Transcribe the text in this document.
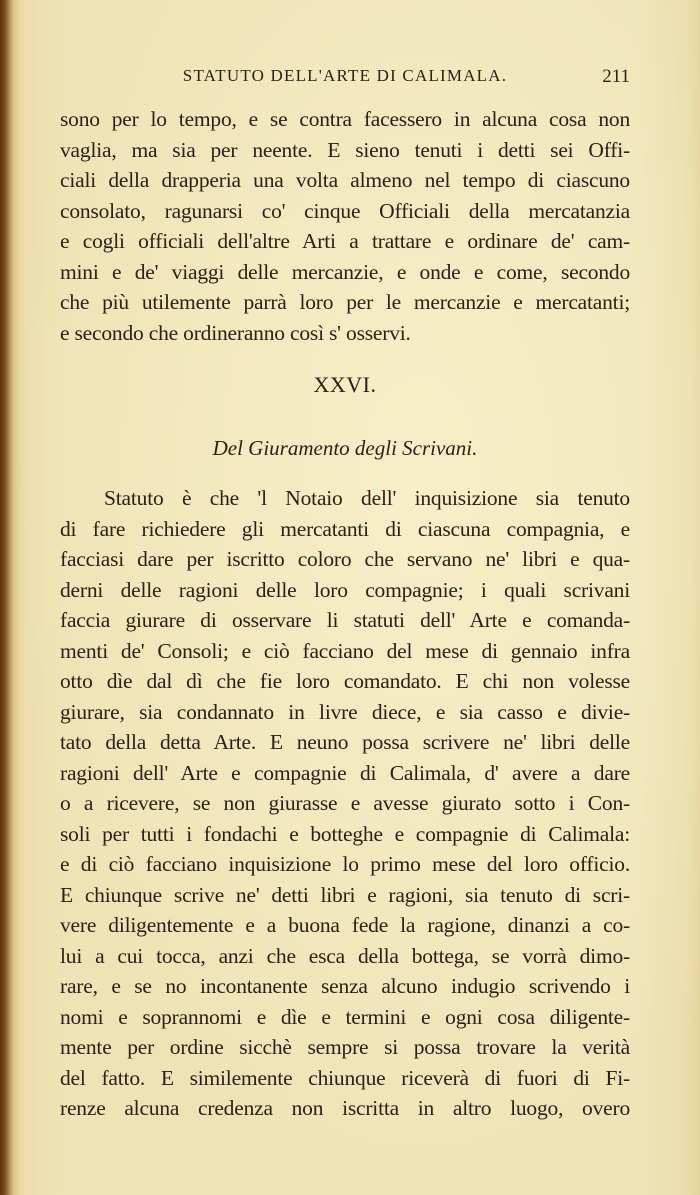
STATUTO DELL'ARTE DI CALIMALA.	211
sono per lo tempo, e se contra facessero in alcuna cosa non
vaglia, ma sia per neente. E sieno tenuti i detti sei Offi-
ciali della drapperia una volta almeno nel tempo di ciascuno
consolato, ragunarsi co' cinque Officiali della mercatanzia
e cogli officiali dell'altre Arti a trattare e ordinare de' cam-
mini e de' viaggi delle mercanzie, e onde e come, secondo
che più utilemente parrà loro per le mercanzie e mercatanti;
e secondo che ordineranno così s' osservi.
XXVI.
Del Giuramento degli Scrivani.
Statuto è che 'l Notaio dell' inquisizione sia tenuto
di fare richiedere gli mercatanti di ciascuna compagnia, e
facciasi dare per iscritto coloro che servano ne' libri e qua-
derni delle ragioni delle loro compagnie; i quali scrivani
faccia giurare di osservare li statuti dell' Arte e comanda-
menti de' Consoli; e ciò facciano del mese di gennaio infra
otto dìe dal dì che fie loro comandato. E chi non volesse
giurare, sia condannato in livre diece, e sia casso e divie-
tato della detta Arte. E neuno possa scrivere ne' libri delle
ragioni dell' Arte e compagnie di Calimala, d' avere a dare
o a ricevere, se non giurasse e avesse giurato sotto i Con-
soli per tutti i fondachi e botteghe e compagnie di Calimala:
e di ciò facciano inquisizione lo primo mese del loro officio.
E chiunque scrive ne' detti libri e ragioni, sia tenuto di scri-
vere diligentemente e a buona fede la ragione, dinanzi a co-
lui a cui tocca, anzi che esca della bottega, se vorrà dimo-
rare, e se no incontanente senza alcuno indugio scrivendo i
nomi e soprannomi e dìe e termini e ogni cosa diligente-
mente per ordine sicchè sempre si possa trovare la verità
del fatto. E similemente chiunque riceverà di fuori di Fi-
renze alcuna credenza non iscritta in altro luogo, overo
